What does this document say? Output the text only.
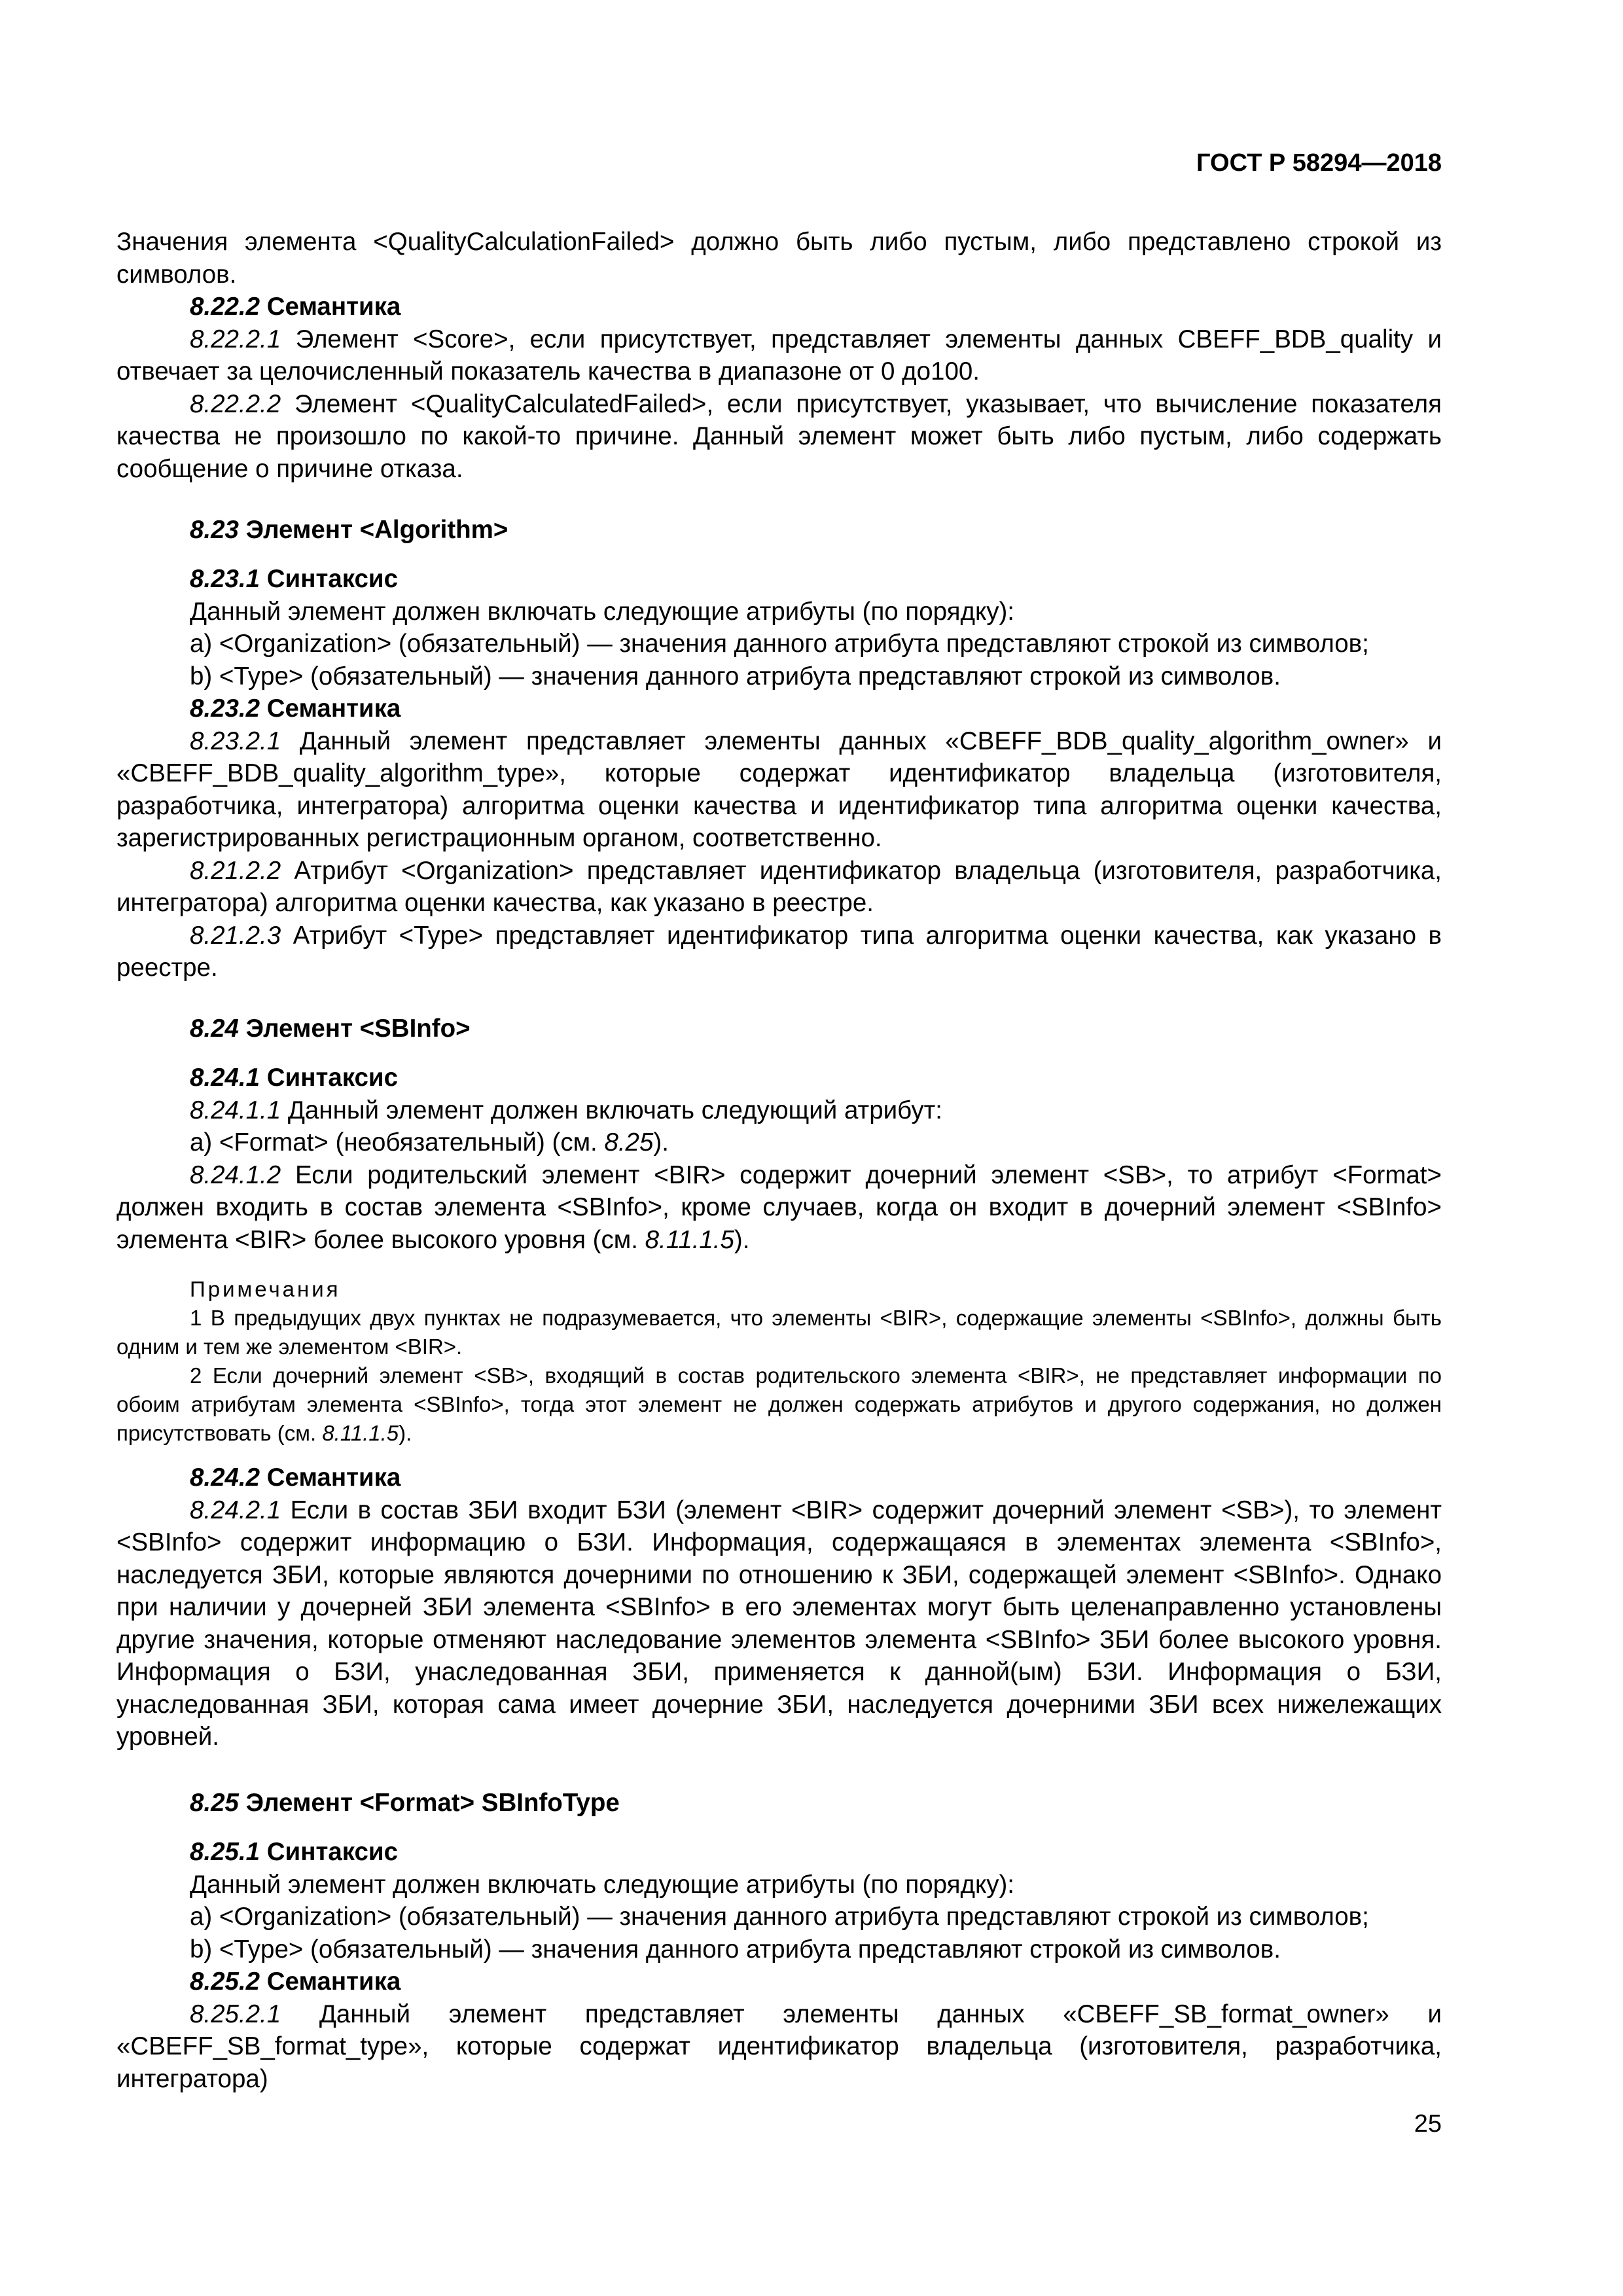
ГОСТ Р 58294—2018

Значения элемента <QualityCalculationFailed> должно быть либо пустым, либо представлено строкой из символов.

8.22.2 Семантика

8.22.2.1 Элемент <Score>, если присутствует, представляет элементы данных CBEFF_BDB_quality и отвечает за целочисленный показатель качества в диапазоне от 0 до100.

8.22.2.2 Элемент <QualityCalculatedFailed>, если присутствует, указывает, что вычисление показателя качества не произошло по какой-то причине. Данный элемент может быть либо пустым, либо содержать сообщение о причине отказа.

8.23 Элемент <Algorithm>

8.23.1 Синтаксис

Данный элемент должен включать следующие атрибуты (по порядку):

a) <Organization> (обязательный) — значения данного атрибута представляют строкой из символов;

b) <Type> (обязательный) — значения данного атрибута представляют строкой из символов.

8.23.2 Семантика

8.23.2.1 Данный элемент представляет элементы данных «CBEFF_BDB_quality_algorithm_owner» и «CBEFF_BDB_quality_algorithm_type», которые содержат идентификатор владельца (изготовителя, разработчика, интегратора) алгоритма оценки качества и идентификатор типа алгоритма оценки качества, зарегистрированных регистрационным органом, соответственно.

8.21.2.2 Атрибут <Organization> представляет идентификатор владельца (изготовителя, разработчика, интегратора) алгоритма оценки качества, как указано в реестре.

8.21.2.3 Атрибут <Type> представляет идентификатор типа алгоритма оценки качества, как указано в реестре.

8.24 Элемент <SBInfo>

8.24.1 Синтаксис

8.24.1.1 Данный элемент должен включать следующий атрибут:

a) <Format> (необязательный) (см. 8.25).

8.24.1.2 Если родительский элемент <BIR> содержит дочерний элемент <SB>, то атрибут <Format> должен входить в состав элемента <SBInfo>, кроме случаев, когда он входит в дочерний элемент <SBInfo> элемента <BIR> более высокого уровня (см. 8.11.1.5).

Примечания

1 В предыдущих двух пунктах не подразумевается, что элементы <BIR>, содержащие элементы <SBInfo>, должны быть одним и тем же элементом <BIR>.

2 Если дочерний элемент <SB>, входящий в состав родительского элемента <BIR>, не представляет информации по обоим атрибутам элемента <SBInfo>, тогда этот элемент не должен содержать атрибутов и другого содержания, но должен присутствовать (см. 8.11.1.5).

8.24.2 Семантика

8.24.2.1 Если в состав ЗБИ входит БЗИ (элемент <BIR> содержит дочерний элемент <SB>), то элемент <SBInfo> содержит информацию о БЗИ. Информация, содержащаяся в элементах элемента <SBInfo>, наследуется ЗБИ, которые являются дочерними по отношению к ЗБИ, содержащей элемент <SBInfo>. Однако при наличии у дочерней ЗБИ элемента <SBInfo> в его элементах могут быть целенаправленно установлены другие значения, которые отменяют наследование элементов элемента <SBInfo> ЗБИ более высокого уровня. Информация о БЗИ, унаследованная ЗБИ, применяется к данной(ым) БЗИ. Информация о БЗИ, унаследованная ЗБИ, которая сама имеет дочерние ЗБИ, наследуется дочерними ЗБИ всех нижележащих уровней.

8.25 Элемент <Format> SBInfoType

8.25.1 Синтаксис

Данный элемент должен включать следующие атрибуты (по порядку):

a) <Organization> (обязательный) — значения данного атрибута представляют строкой из символов;

b) <Type> (обязательный) — значения данного атрибута представляют строкой из символов.

8.25.2 Семантика

8.25.2.1 Данный элемент представляет элементы данных «CBEFF_SB_format_owner» и «CBEFF_SB_format_type», которые содержат идентификатор владельца (изготовителя, разработчика, интегратора)

25
